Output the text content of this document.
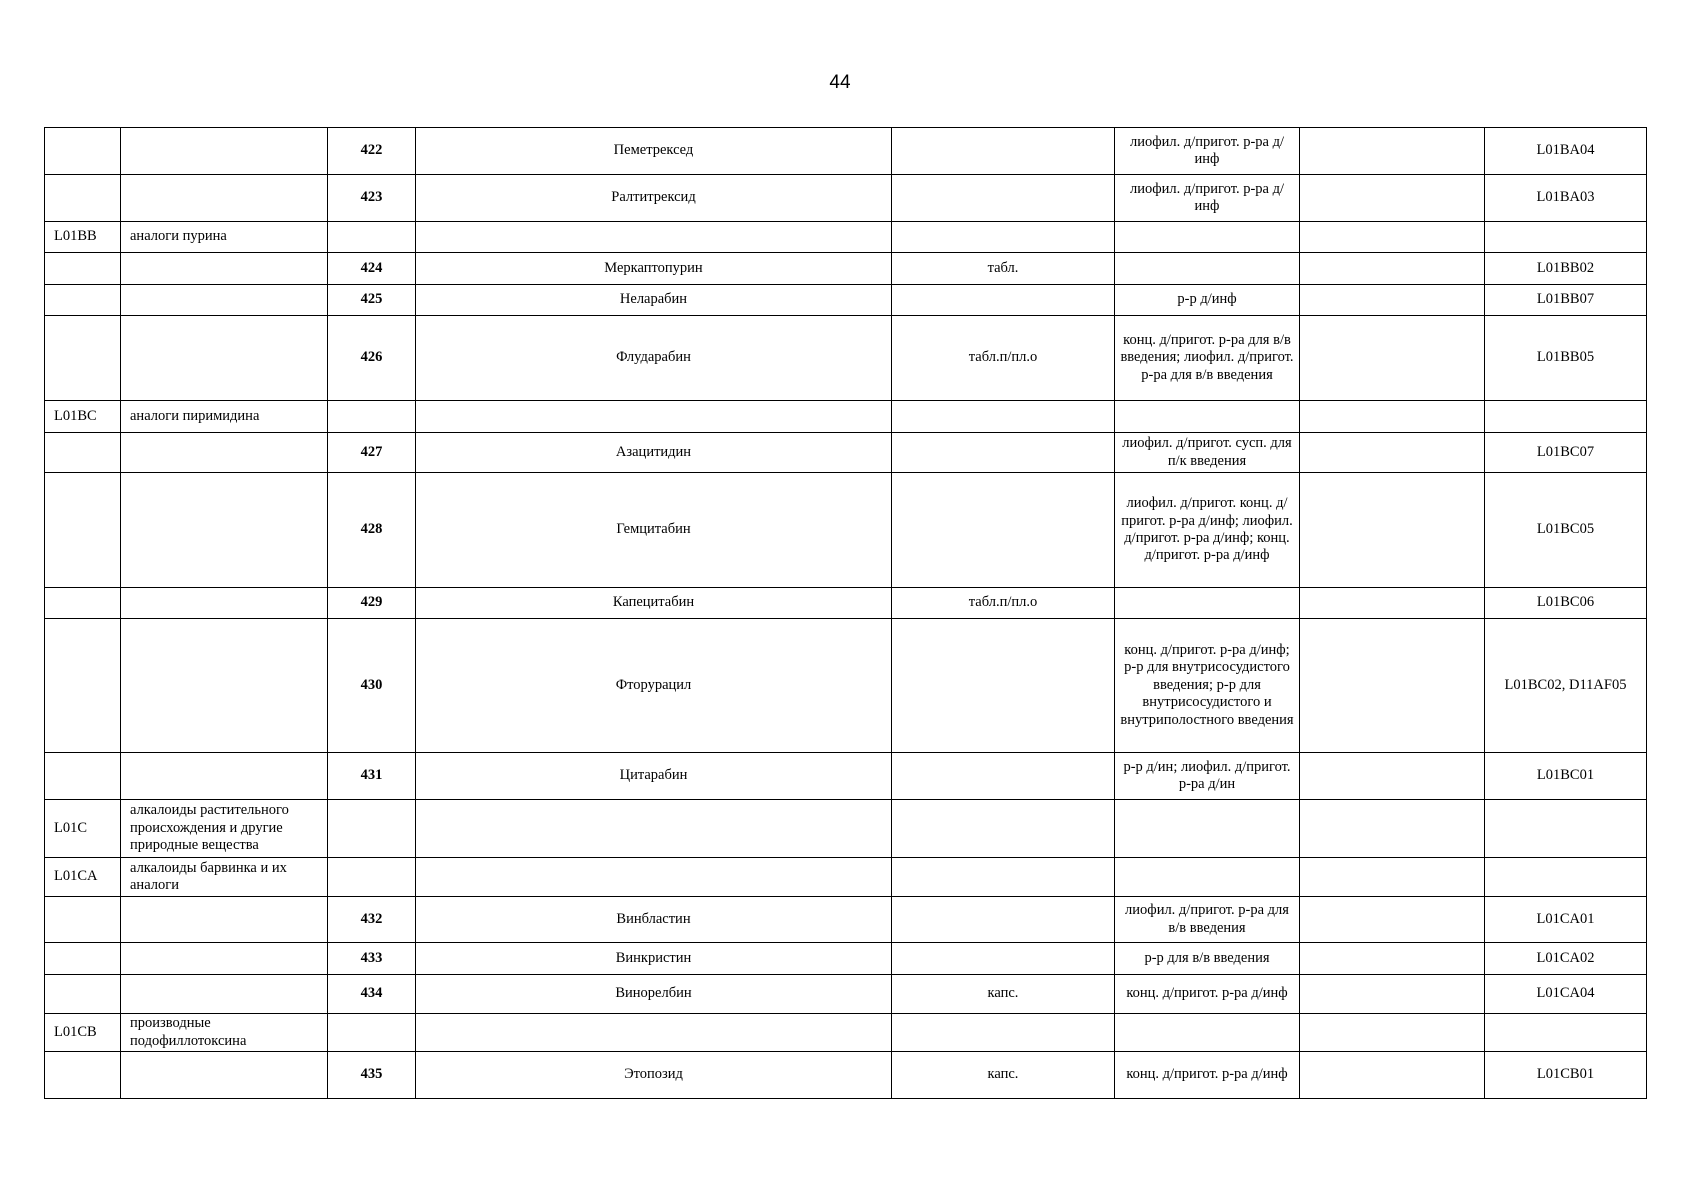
44
		422	Пеметрексед		лиофил. д/пригот. р-ра д/инф		L01BA04
		423	Ралтитрексид		лиофил. д/пригот. р-ра д/инф		L01BA03
L01BB	аналоги пурина						
		424	Меркаптопурин	табл.			L01BB02
		425	Неларабин		р-р д/инф		L01BB07
		426	Флударабин	табл.п/пл.о	конц. д/пригот. р-ра для в/в введения; лиофил. д/пригот. р-ра для в/в введения		L01BB05
L01BC	аналоги пиримидина						
		427	Азацитидин		лиофил. д/пригот. сусп. для п/к введения		L01BC07
		428	Гемцитабин		лиофил. д/пригот. конц. д/пригот. р-ра д/инф; лиофил. д/пригот. р-ра д/инф; конц. д/пригот. р-ра д/инф		L01BC05
		429	Капецитабин	табл.п/пл.о			L01BC06
		430	Фторурацил		конц. д/пригот. р-ра д/инф; р-р для внутрисосудистого введения; р-р для внутрисосудистого и внутриполостного введения		L01BC02, D11AF05
		431	Цитарабин		р-р д/ин; лиофил. д/пригот. р-ра д/ин		L01BC01
L01C	алкалоиды растительного происхождения и другие природные вещества						
L01CA	алкалоиды барвинка и их аналоги						
		432	Винбластин		лиофил. д/пригот. р-ра для в/в введения		L01CA01
		433	Винкристин		р-р для в/в введения		L01CA02
		434	Винорелбин	капс.	конц. д/пригот. р-ра д/инф		L01CA04
L01CB	производные подофиллотоксина						
		435	Этопозид	капс.	конц. д/пригот. р-ра д/инф		L01CB01
